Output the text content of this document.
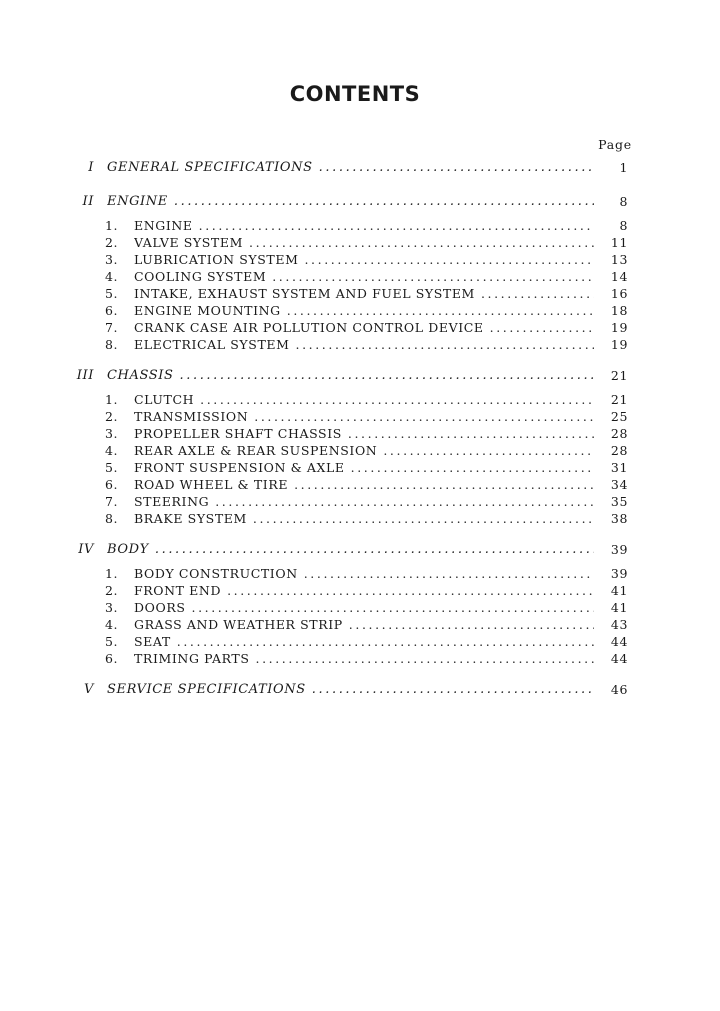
CONTENTS
Page
I GENERAL SPECIFICATIONS .....	1
II ENGINE .....	8
1.	ENGINE .....	8
2.	VALVE SYSTEM .....	11
3.	LUBRICATION SYSTEM .....	13
4.	COOLING SYSTEM .....	14
5.	INTAKE, EXHAUST SYSTEM AND FUEL SYSTEM .....	16
6.	ENGINE MOUNTING .....	18
7.	CRANK CASE AIR POLLUTION CONTROL DEVICE .....	19
8.	ELECTRICAL SYSTEM .....	19
III CHASSIS .....	21
1.	CLUTCH .....	21
2.	TRANSMISSION .....	25
3.	PROPELLER SHAFT CHASSIS .....	28
4.	REAR AXLE & REAR SUSPENSION .....	28
5.	FRONT SUSPENSION & AXLE .....	31
6.	ROAD WHEEL & TIRE .....	34
7.	STEERING .....	35
8.	BRAKE SYSTEM .....	38
IV BODY .....	39
1.	BODY CONSTRUCTION .....	39
2.	FRONT END .....	41
3.	DOORS .....	41
4.	GRASS AND WEATHER STRIP .....	43
5.	SEAT .....	44
6.	TRIMING PARTS .....	44
V SERVICE SPECIFICATIONS .....	46
